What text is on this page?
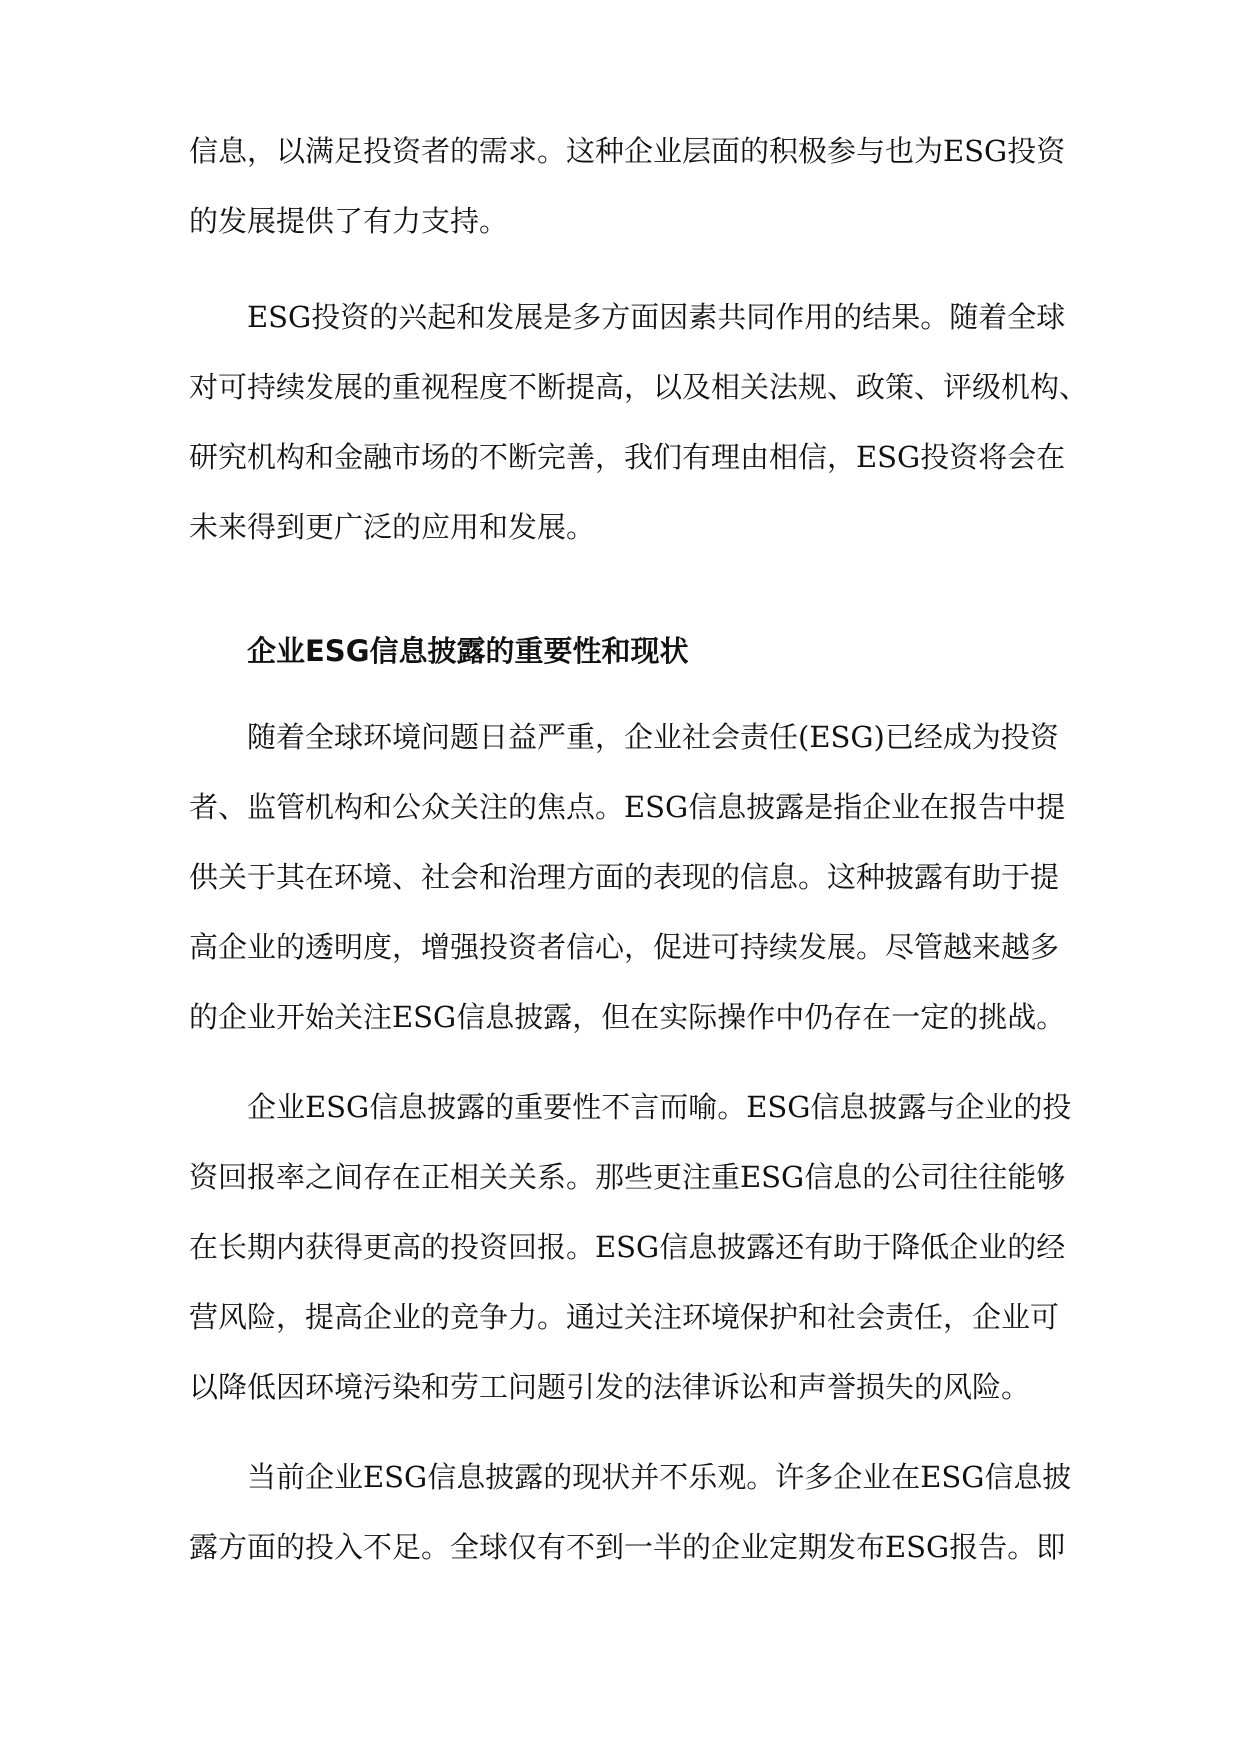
信息，以满足投资者的需求。这种企业层面的积极参与也为ESG投资
的发展提供了有力支持。
ESG投资的兴起和发展是多方面因素共同作用的结果。随着全球
对可持续发展的重视程度不断提高，以及相关法规、政策、评级机构、
研究机构和金融市场的不断完善，我们有理由相信，ESG投资将会在
未来得到更广泛的应用和发展。
企业ESG信息披露的重要性和现状
随着全球环境问题日益严重，企业社会责任(ESG)已经成为投资
者、监管机构和公众关注的焦点。ESG信息披露是指企业在报告中提
供关于其在环境、社会和治理方面的表现的信息。这种披露有助于提
高企业的透明度，增强投资者信心，促进可持续发展。尽管越来越多
的企业开始关注ESG信息披露，但在实际操作中仍存在一定的挑战。
企业ESG信息披露的重要性不言而喻。ESG信息披露与企业的投
资回报率之间存在正相关关系。那些更注重ESG信息的公司往往能够
在长期内获得更高的投资回报。ESG信息披露还有助于降低企业的经
营风险，提高企业的竞争力。通过关注环境保护和社会责任，企业可
以降低因环境污染和劳工问题引发的法律诉讼和声誉损失的风险。
当前企业ESG信息披露的现状并不乐观。许多企业在ESG信息披
露方面的投入不足。全球仅有不到一半的企业定期发布ESG报告。即
